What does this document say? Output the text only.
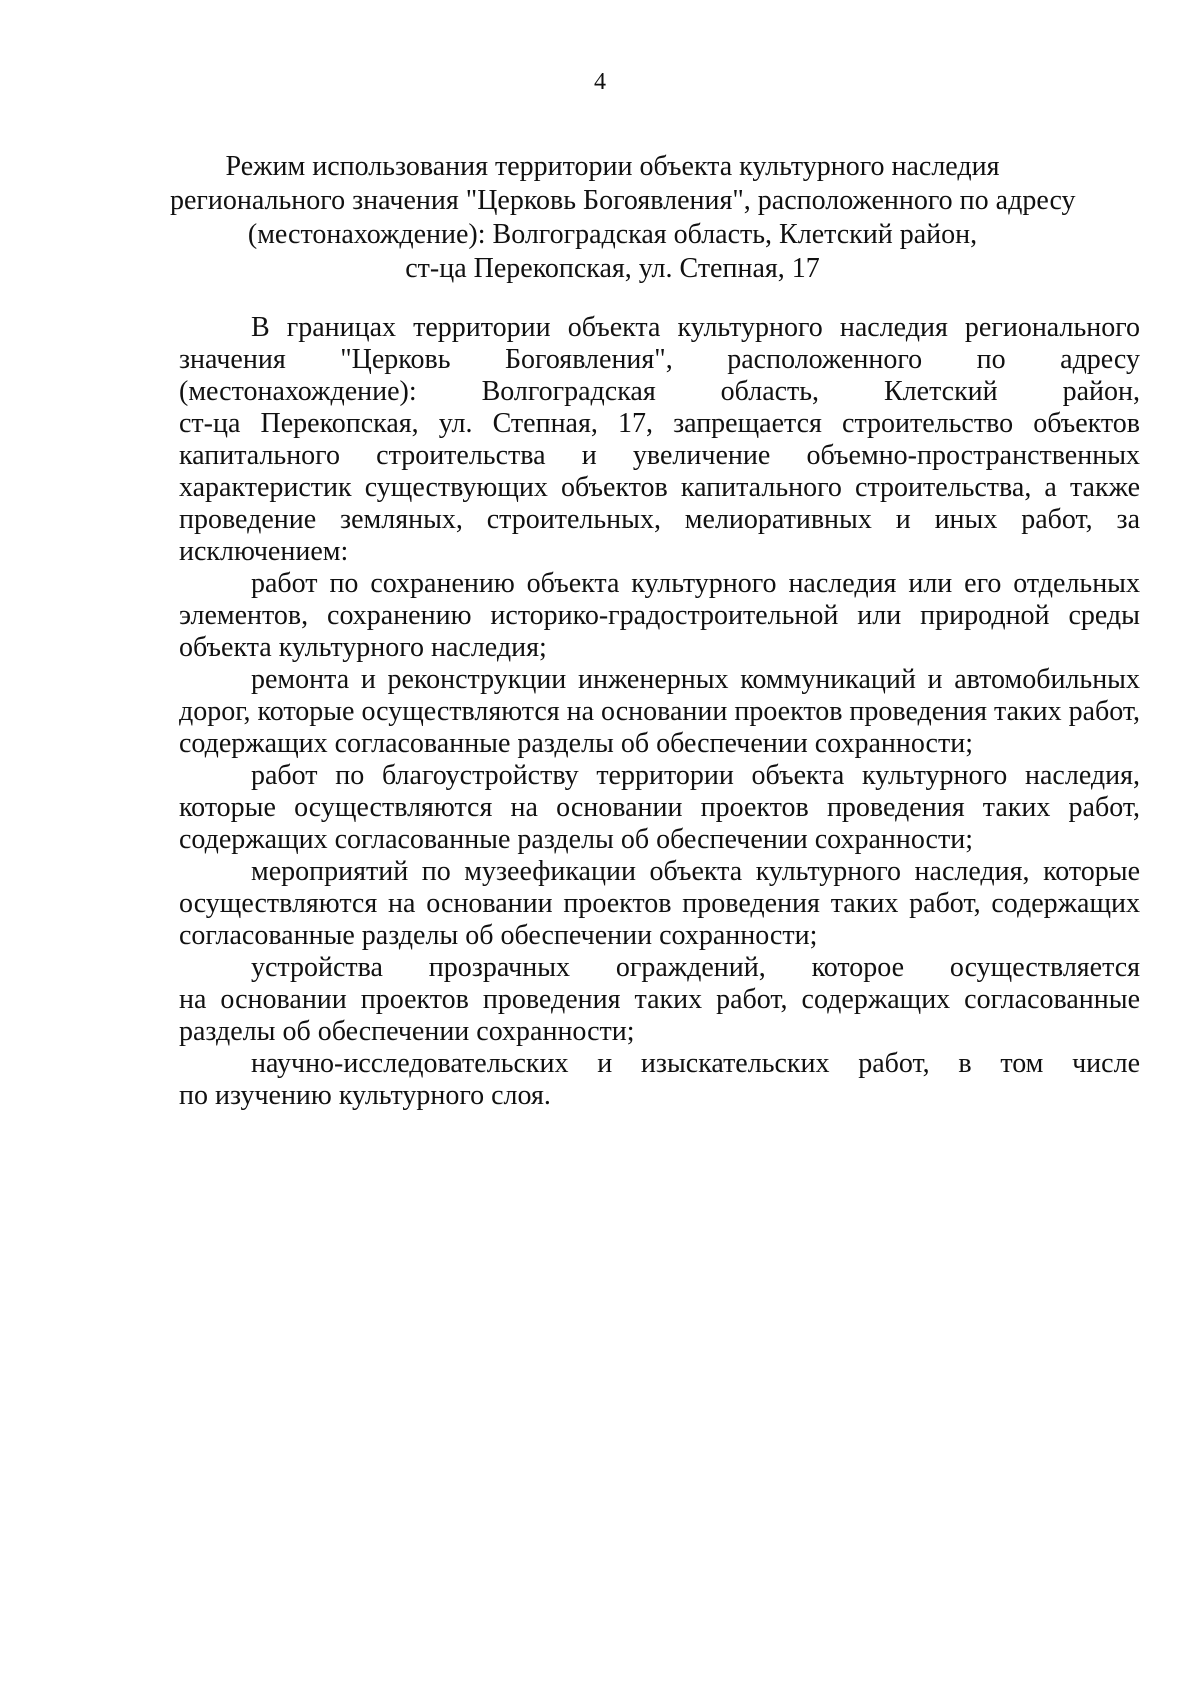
4
Режим использования территории объекта культурного наследия
регионального значения "Церковь Богоявления", расположенного по адресу
(местонахождение): Волгоградская область, Клетский район,
ст-ца Перекопская, ул. Степная, 17

В границах территории объекта культурного наследия регионального
значения "Церковь Богоявления", расположенного по адресу
(местонахождение): Волгоградская область, Клетский район,
ст-ца Перекопская, ул. Степная, 17, запрещается строительство объектов
капитального строительства и увеличение объемно-пространственных
характеристик существующих объектов капитального строительства, а также
проведение земляных, строительных, мелиоративных и иных работ, за
исключением:

работ по сохранению объекта культурного наследия или его отдельных
элементов, сохранению историко-градостроительной или природной среды
объекта культурного наследия;

ремонта и реконструкции инженерных коммуникаций и автомобильных
дорог, которые осуществляются на основании проектов проведения таких работ,
содержащих согласованные разделы об обеспечении сохранности;

работ по благоустройству территории объекта культурного наследия,
которые осуществляются на основании проектов проведения таких работ,
содержащих согласованные разделы об обеспечении сохранности;

мероприятий по музеефикации объекта культурного наследия, которые
осуществляются на основании проектов проведения таких работ, содержащих
согласованные разделы об обеспечении сохранности;

устройства прозрачных ограждений, которое осуществляется
на основании проектов проведения таких работ, содержащих согласованные
разделы об обеспечении сохранности;

научно-исследовательских и изыскательских работ, в том числе
по изучению культурного слоя.
